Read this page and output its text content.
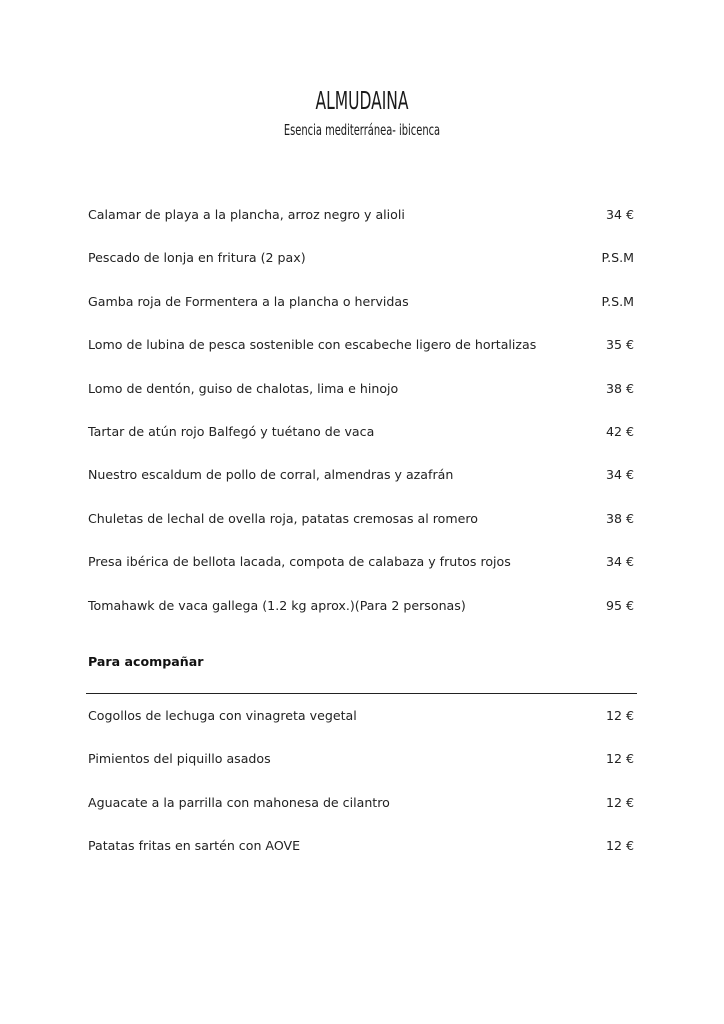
ALMUDAINA
Esencia mediterránea- ibicenca
Calamar de playa a la plancha, arroz negro y alioli	34 €
Pescado de lonja en fritura (2 pax)	P.S.M
Gamba roja de Formentera a la plancha o hervidas	P.S.M
Lomo de lubina de pesca sostenible con escabeche ligero de hortalizas	35 €
Lomo de dentón, guiso de chalotas, lima e hinojo	38 €
Tartar de atún rojo Balfegó y tuétano de vaca	42 €
Nuestro escaldum de pollo de corral, almendras y azafrán	34 €
Chuletas de lechal de ovella roja, patatas cremosas al romero	38 €
Presa ibérica de bellota lacada, compota de calabaza y frutos rojos	34 €
Tomahawk de vaca gallega (1.2 kg aprox.)(Para 2 personas)	95 €
Para acompañar
Cogollos de lechuga con vinagreta vegetal	12 €
Pimientos del piquillo asados	12 €
Aguacate a la parrilla con mahonesa de cilantro	12 €
Patatas fritas en sartén con AOVE	12 €
